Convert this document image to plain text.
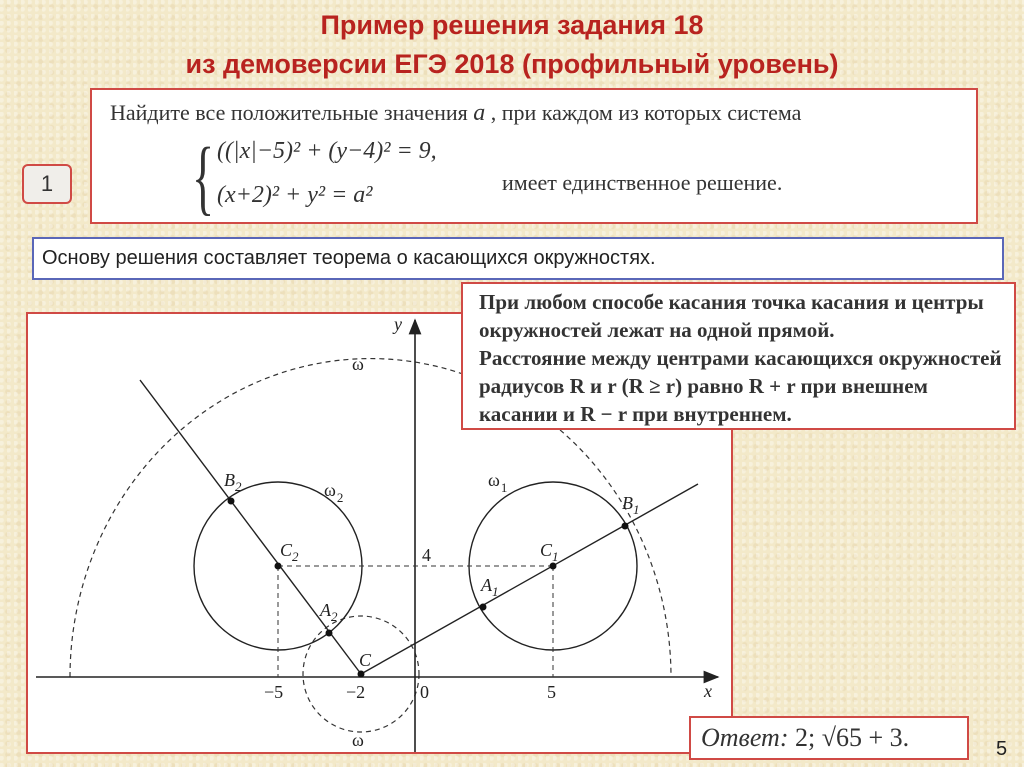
Пример решения задания 18
из демоверсии ЕГЭ 2018 (профильный уровень)
Найдите все положительные значения a , при каждом из которых система
{ ((|x|−5)² + (y−4)² = 9,
(x+2)² + y² = a²	имеет единственное решение.
1
Основу решения составляет теорема о касающихся окружностях.
y
x
ω
ω
$\omega_1$
$\omega_2$
$B_2$
$C_2$
$A_2$
C
$C_1$
$A_1$
$B_1$
4
−5	−2	0	5

При любом способе касания точка касания и центры окружностей лежат на одной прямой.

Расстояние между центрами касающихся окружностей радиусов R и r (R ≥ r) равно R + r при внешнем касании и R − r при внутреннем.

Ответ: 2; √65 + 3.	5
